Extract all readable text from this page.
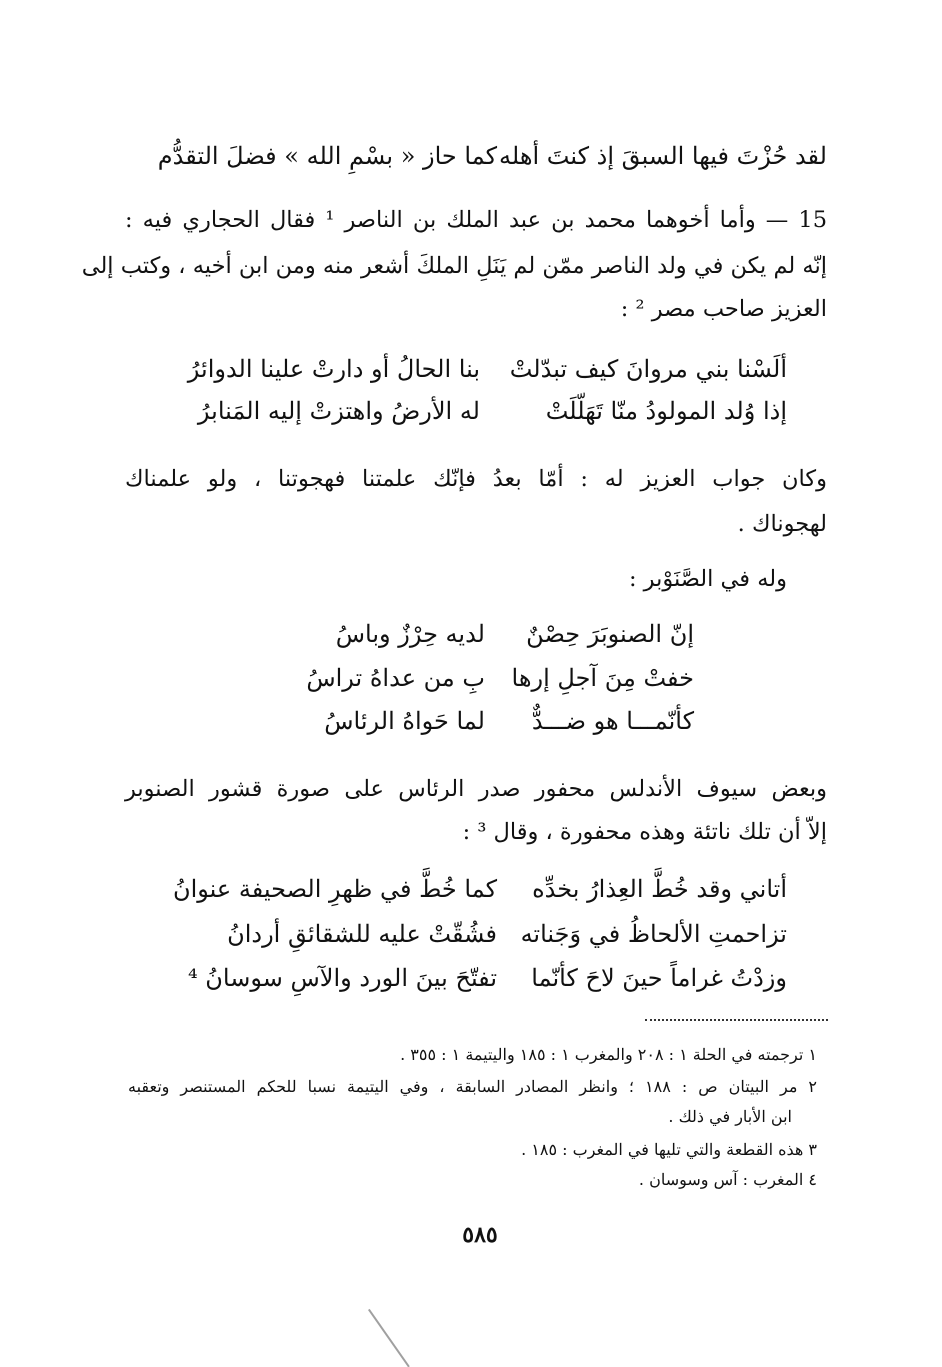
لقد حُزْتَ فيها السبقَ إذ كنتَ أهله
كما حاز « بسْمِ الله » فضلَ التقدُّم
15 — وأما أخوهما محمد بن عبد الملك بن الناصر ¹ فقال الحجاري فيه :
إنّه لم يكن في ولد الناصر ممّن لم يَنَلِ الملكَ أشعر منه ومن ابن أخيه ، وكتب إلى
العزيز صاحب مصر ² :
ألَسْنا بني مروانَ كيف تبدّلتْ
بنا الحالُ أو دارتْ علينا الدوائرُ
إذا وُلد المولودُ منّا تَهَلّلَتْ
له الأرضُ واهتزتْ إليه المَنابرُ
وكان جواب العزيز له : أمّا بعدُ فإنّك علمتنا فهجوتنا ، ولو علمناك
لهجوناك .
وله في الصَّنَوْبر :
إنّ الصنوبَرَ حِصْنٌ
لديه حِرْزٌ وباسُ
خفتْ مِنَ آجلِ إرها
بِ من عداهُ تراسُ
كأنّمـــا هو ضـــدٌّ
لما حَواهُ الرئاسُ
وبعض سيوف الأندلس محفور صدر الرئاس على صورة قشور الصنوبر
إلاّ أن تلك ناتئة وهذه محفورة ، وقال ³ :
أتاني وقد خُطَّ العِذارُ بخدِّه
كما خُطَّ في ظهرِ الصحيفة عنوانُ
تزاحمتِ الألحاظُ في وَجَناته
فشُقّتْ عليه للشقائقِ أردانُ
وزدْتُ غراماً حينَ لاحَ كأنّما
تفتّحَ بينَ الورد والآسِ سوسانُ ⁴
١ ترجمته في الحلة ١ : ٢٠٨ والمغرب ١ : ١٨٥ واليتيمة ١ : ٣٥٥ .
٢ مر البيتان ص : ١٨٨ ؛ وانظر المصادر السابقة ، وفي اليتيمة نسبا للحكم المستنصر وتعقبه
ابن الأبار في ذلك .
٣ هذه القطعة والتي تليها في المغرب : ١٨٥ .
٤ المغرب : آس وسوسان .
٥٨٥
